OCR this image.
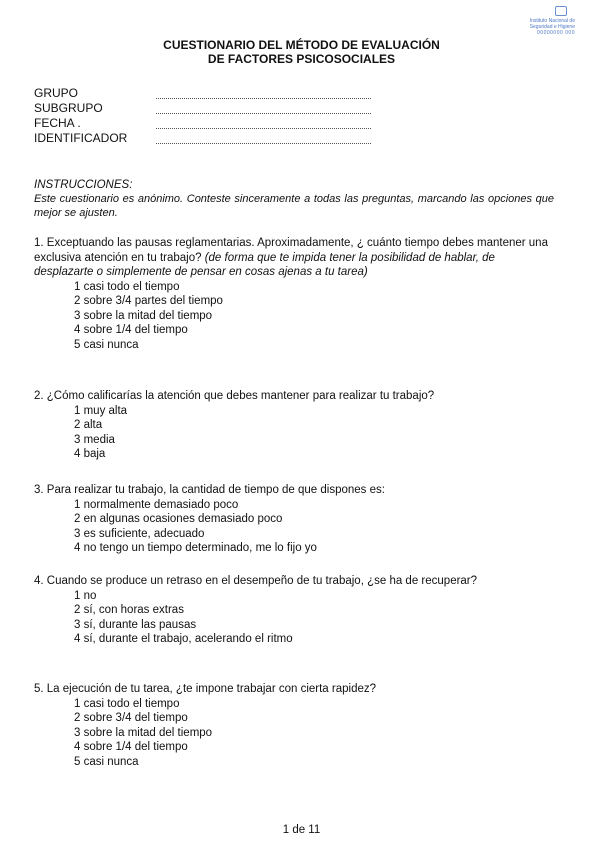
Instituto Nacional de
Seguridad e Higiene
00000000 000
CUESTIONARIO DEL MÉTODO DE EVALUACIÓN
DE FACTORES PSICOSOCIALES
GRUPO
SUBGRUPO
FECHA .
IDENTIFICADOR
INSTRUCCIONES:
Este cuestionario es anónimo. Conteste sinceramente a todas las preguntas, marcando las opciones que mejor se ajusten.
1. Exceptuando las pausas reglamentarias. Aproximadamente, ¿ cuánto tiempo debes mantener una exclusiva atención en tu trabajo? (de forma que te impida tener la posibilidad de hablar, de desplazarte o simplemente de pensar en cosas ajenas a tu tarea)
1 casi todo el tiempo
2 sobre 3/4 partes del tiempo
3 sobre la mitad del tiempo
4 sobre 1/4 del tiempo
5 casi nunca
2. ¿Cómo calificarías la atención que debes mantener para realizar tu trabajo?
1 muy alta
2 alta
3 media
4 baja
3. Para realizar tu trabajo, la cantidad de tiempo de que dispones es:
1 normalmente demasiado poco
2 en algunas ocasiones demasiado poco
3 es suficiente, adecuado
4 no tengo un tiempo determinado, me lo fijo yo
4. Cuando se produce un retraso en el desempeño de tu trabajo, ¿se ha de recuperar?
1 no
2 sí, con horas extras
3 sí, durante las pausas
4 sí, durante el trabajo, acelerando el ritmo
5. La ejecución de tu tarea, ¿te impone trabajar con cierta rapidez?
1 casi todo el tiempo
2 sobre 3/4 del tiempo
3 sobre la mitad del tiempo
4 sobre 1/4 del tiempo
5 casi nunca
1 de 11
